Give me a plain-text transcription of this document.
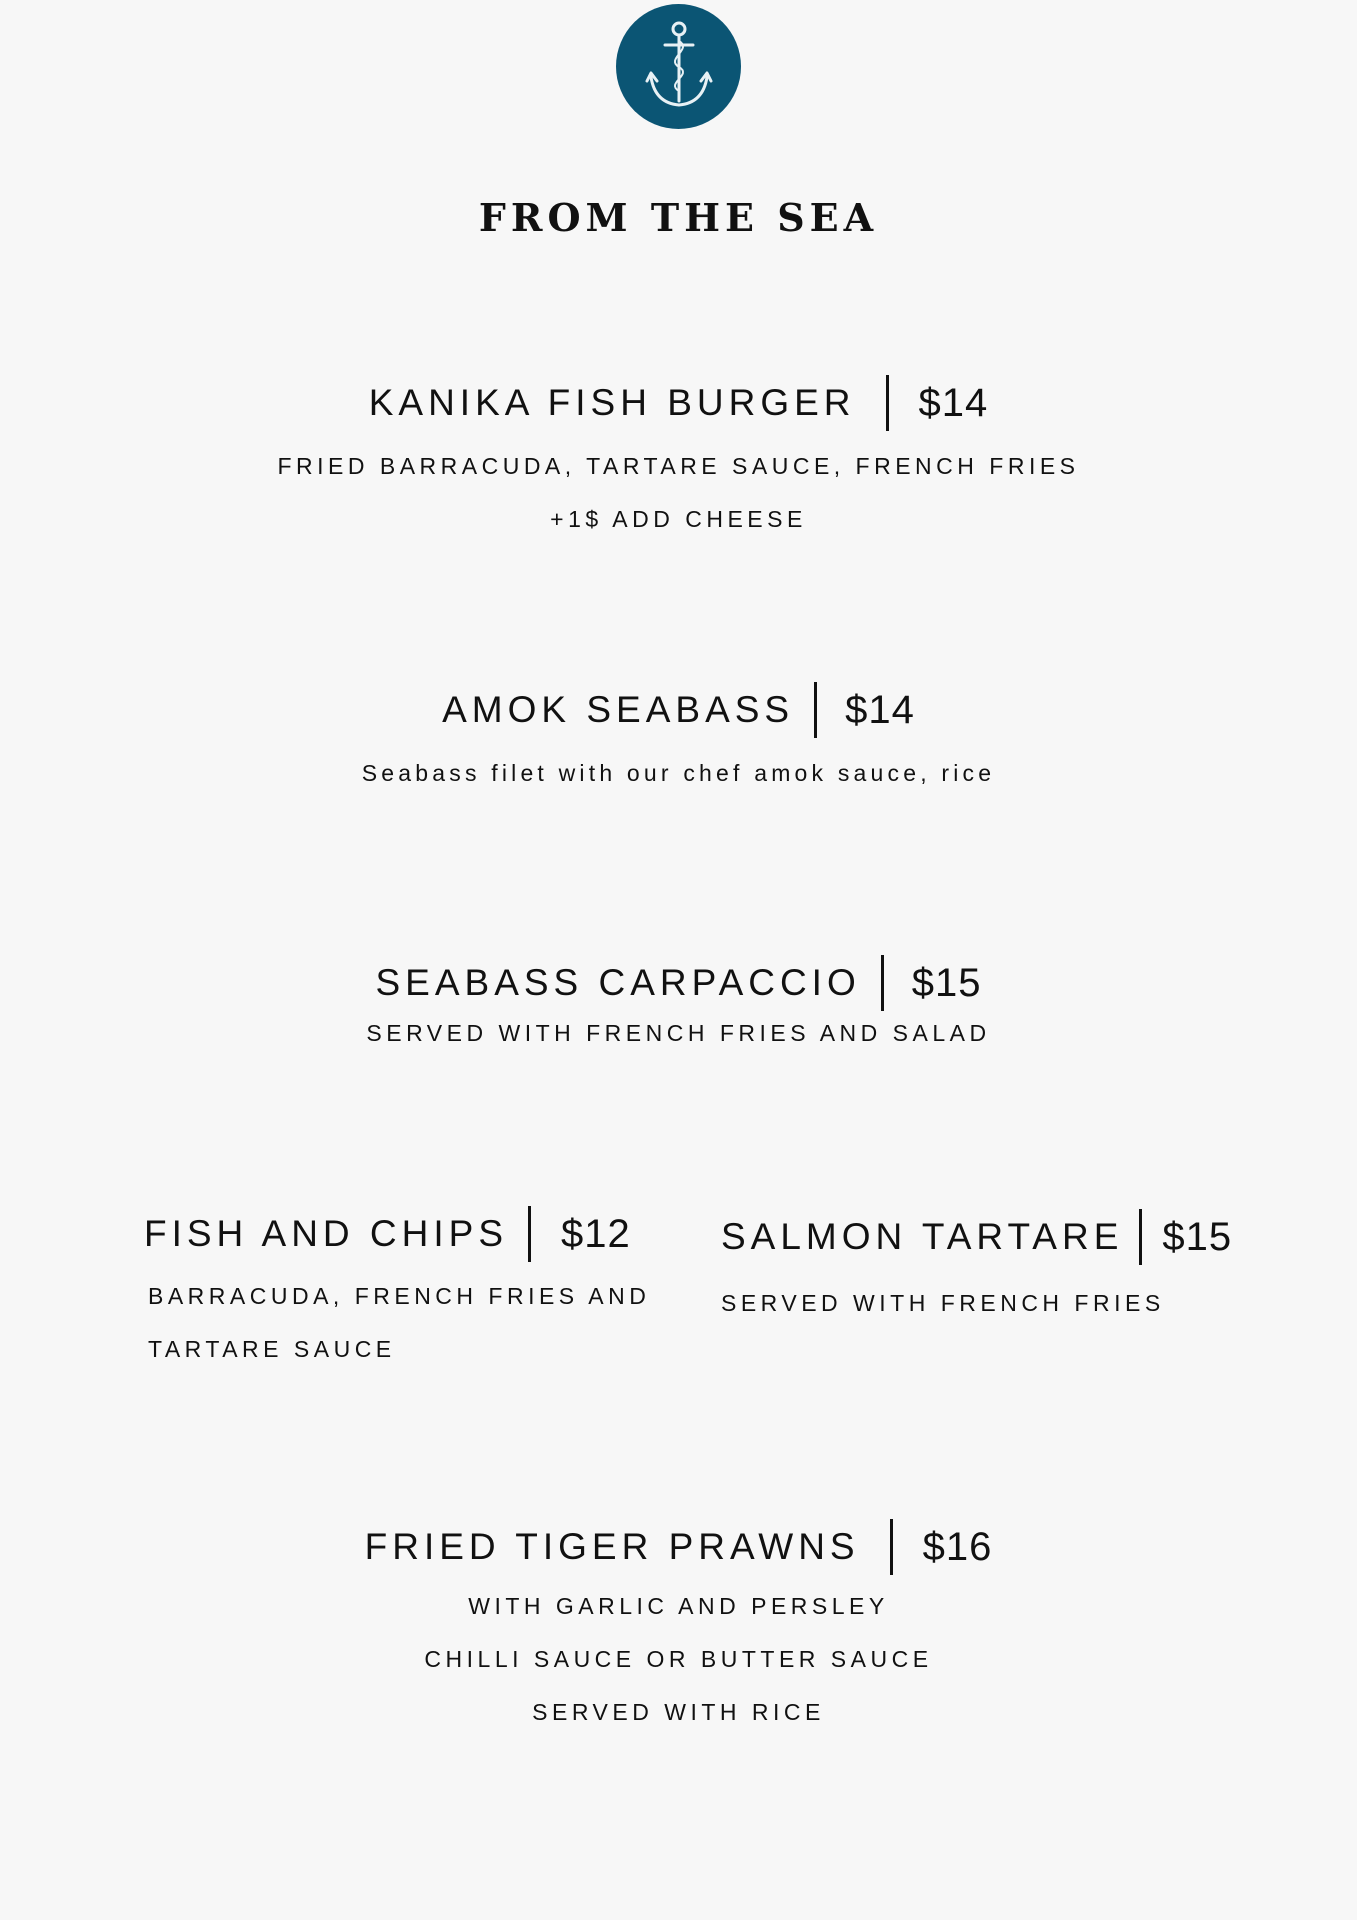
FROM THE SEA
KANIKA FISH BURGER $14
FRIED BARRACUDA, TARTARE SAUCE, FRENCH FRIES
+1$ ADD CHEESE
AMOK SEABASS $14
Seabass filet with our chef amok sauce, rice
SEABASS CARPACCIO $15
SERVED WITH FRENCH FRIES AND SALAD
FISH AND CHIPS $12
BARRACUDA, FRENCH FRIES AND
TARTARE SAUCE
SALMON TARTARE $15
SERVED WITH FRENCH FRIES
FRIED TIGER PRAWNS $16
WITH GARLIC AND PERSLEY
CHILLI SAUCE OR BUTTER SAUCE
SERVED WITH RICE
